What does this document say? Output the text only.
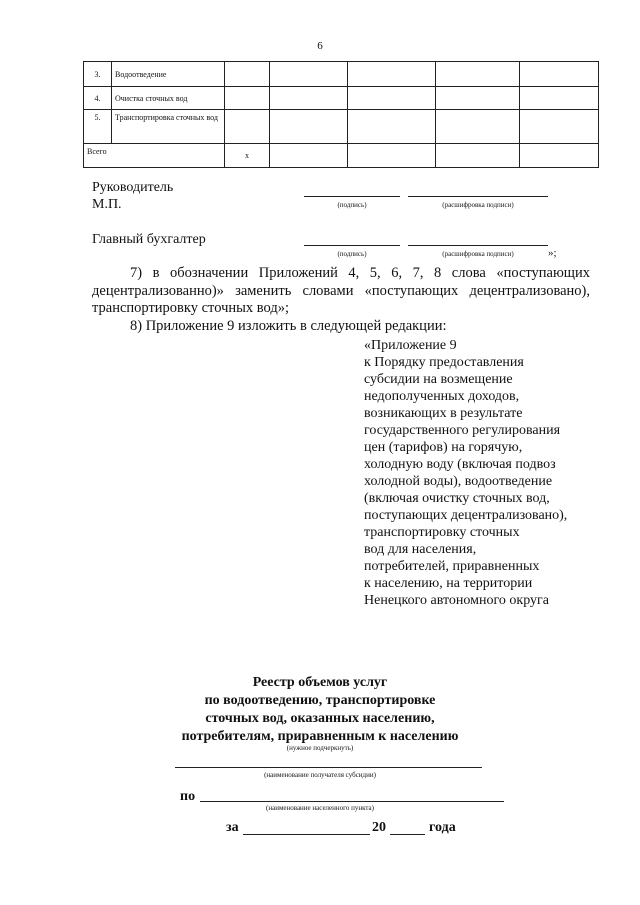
6
3.	Водоотведение					
4.	Очистка сточных вод					
5.	Транспортировка сточных вод					
Всего		х				
Руководитель
М.П.	(подпись)	(расшифровка подписи)
Главный бухгалтер
(подпись)	(расшифровка подписи)	»;
7) в обозначении Приложений 4, 5, 6, 7, 8 слова «поступающих децентрализованно)» заменить словами «поступающих децентрализовано), транспортировку сточных вод»;
8) Приложение 9 изложить в следующей редакции:
«Приложение 9
к Порядку предоставления
субсидии на возмещение
недополученных доходов,
возникающих в результате
государственного регулирования
цен (тарифов) на горячую,
холодную воду (включая подвоз
холодной воды), водоотведение
(включая очистку сточных вод,
поступающих децентрализовано),
транспортировку сточных
вод для населения,
потребителей, приравненных
к населению, на территории
Ненецкого автономного округа
Реестр объемов услуг
по водоотведению, транспортировке
сточных вод, оказанных населению,
потребителям, приравненным к населению
(нужное подчеркнуть)
(наименование получателя субсидии)
по
(наименование населенного пункта)
за	20	года
